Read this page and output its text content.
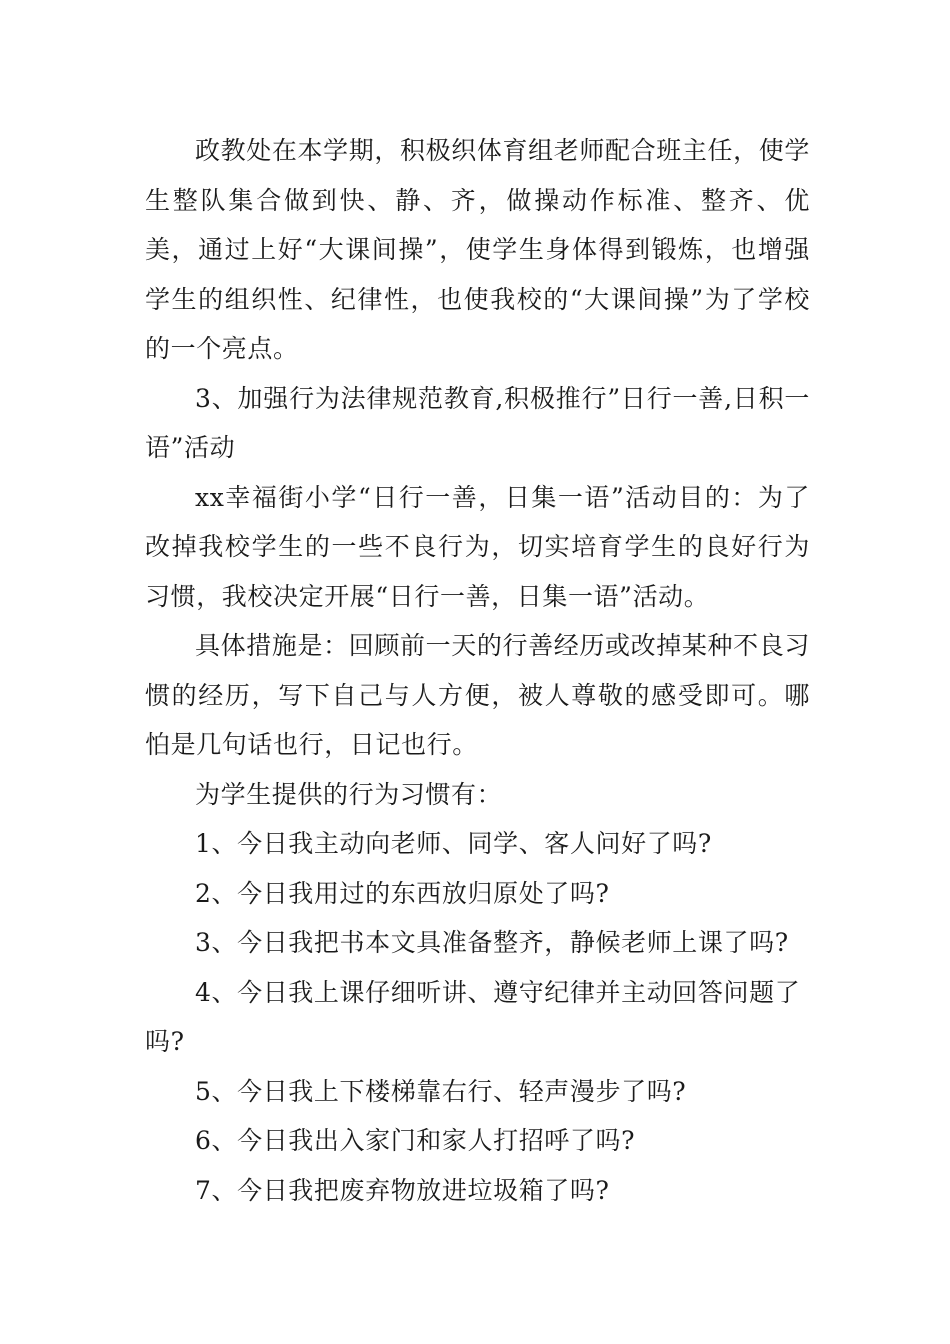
政教处在本学期，积极织体育组老师配合班主任，使学生整队集合做到快、静、齐，做操动作标准、整齐、优美，通过上好“大课间操”，使学生身体得到锻炼，也增强学生的组织性、纪律性，也使我校的“大课间操”为了学校的一个亮点。

3、加强行为法律规范教育,积极推行”日行一善,日积一语”活动

xx幸福街小学“日行一善，日集一语”活动目的：为了改掉我校学生的一些不良行为，切实培育学生的良好行为习惯，我校决定开展“日行一善，日集一语”活动。

具体措施是：回顾前一天的行善经历或改掉某种不良习惯的经历，写下自己与人方便，被人尊敬的感受即可。哪怕是几句话也行，日记也行。

为学生提供的行为习惯有：

1、今日我主动向老师、同学、客人问好了吗?

2、今日我用过的东西放归原处了吗?

3、今日我把书本文具准备整齐，静候老师上课了吗?

4、今日我上课仔细听讲、遵守纪律并主动回答问题了吗?

5、今日我上下楼梯靠右行、轻声漫步了吗?

6、今日我出入家门和家人打招呼了吗?

7、今日我把废弃物放进垃圾箱了吗?
